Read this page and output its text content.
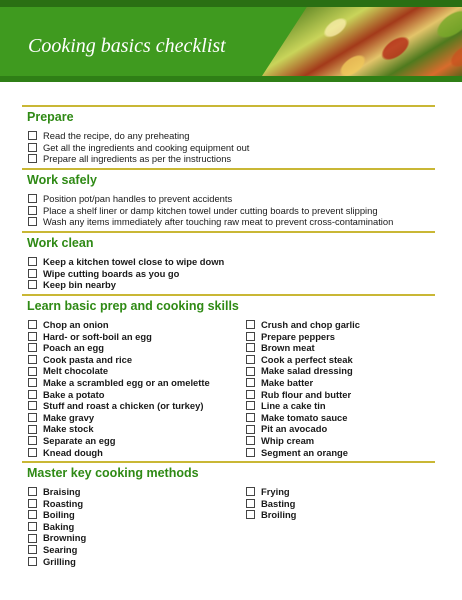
Cooking basics checklist
Prepare
Read the recipe, do any preheating
Get all the ingredients and cooking equipment out
Prepare all ingredients as per the instructions
Work safely
Position pot/pan handles to prevent accidents
Place a shelf liner or damp kitchen towel under cutting boards to prevent slipping
Wash any items immediately after touching raw meat to prevent cross-contamination
Work clean
Keep a kitchen towel close to wipe down
Wipe cutting boards as you go
Keep bin nearby
Learn basic prep and cooking skills
Chop an onion
Hard- or soft-boil an egg
Poach an egg
Cook pasta and rice
Melt chocolate
Make a scrambled egg or an omelette
Bake a potato
Stuff and roast a chicken (or turkey)
Make gravy
Make stock
Separate an egg
Knead dough
Crush and chop garlic
Prepare peppers
Brown meat
Cook a perfect steak
Make salad dressing
Make batter
Rub flour and butter
Line a cake tin
Make tomato sauce
Pit an avocado
Whip cream
Segment an orange
Master key cooking methods
Braising
Roasting
Boiling
Baking
Browning
Searing
Grilling
Frying
Basting
Broiling
